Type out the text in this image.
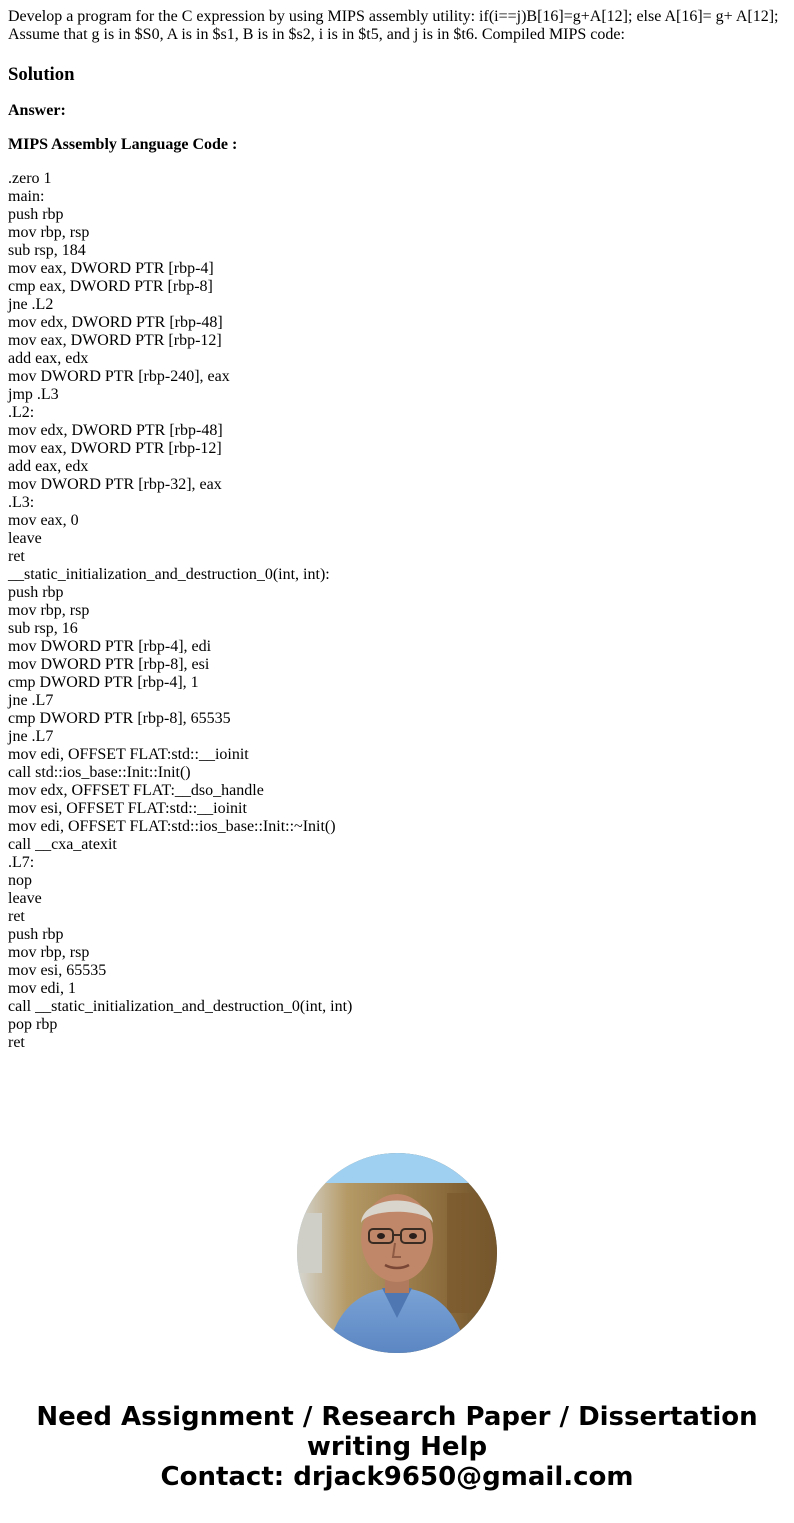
Develop a program for the C expression by using MIPS assembly utility: if(i==j)B[16]=g+A[12]; else A[16]= g+ A[12]; Assume that g is in $S0, A is in $s1, B is in $s2, i is in $t5, and j is in $t6. Compiled MIPS code:

Solution
Answer:
MIPS Assembly Language Code :
.zero 1
main:
push rbp
mov rbp, rsp
sub rsp, 184
mov eax, DWORD PTR [rbp-4]
cmp eax, DWORD PTR [rbp-8]
jne .L2
mov edx, DWORD PTR [rbp-48]
mov eax, DWORD PTR [rbp-12]
add eax, edx
mov DWORD PTR [rbp-240], eax
jmp .L3
.L2:
mov edx, DWORD PTR [rbp-48]
mov eax, DWORD PTR [rbp-12]
add eax, edx
mov DWORD PTR [rbp-32], eax
.L3:
mov eax, 0
leave
ret
__static_initialization_and_destruction_0(int, int):
push rbp
mov rbp, rsp
sub rsp, 16
mov DWORD PTR [rbp-4], edi
mov DWORD PTR [rbp-8], esi
cmp DWORD PTR [rbp-4], 1
jne .L7
cmp DWORD PTR [rbp-8], 65535
jne .L7
mov edi, OFFSET FLAT:std::__ioinit
call std::ios_base::Init::Init()
mov edx, OFFSET FLAT:__dso_handle
mov esi, OFFSET FLAT:std::__ioinit
mov edi, OFFSET FLAT:std::ios_base::Init::~Init()
call __cxa_atexit
.L7:
nop
leave
ret
push rbp
mov rbp, rsp
mov esi, 65535
mov edi, 1
call __static_initialization_and_destruction_0(int, int)
pop rbp
ret
Need Assignment / Research Paper / Dissertation
writing Help
Contact: drjack9650@gmail.com
